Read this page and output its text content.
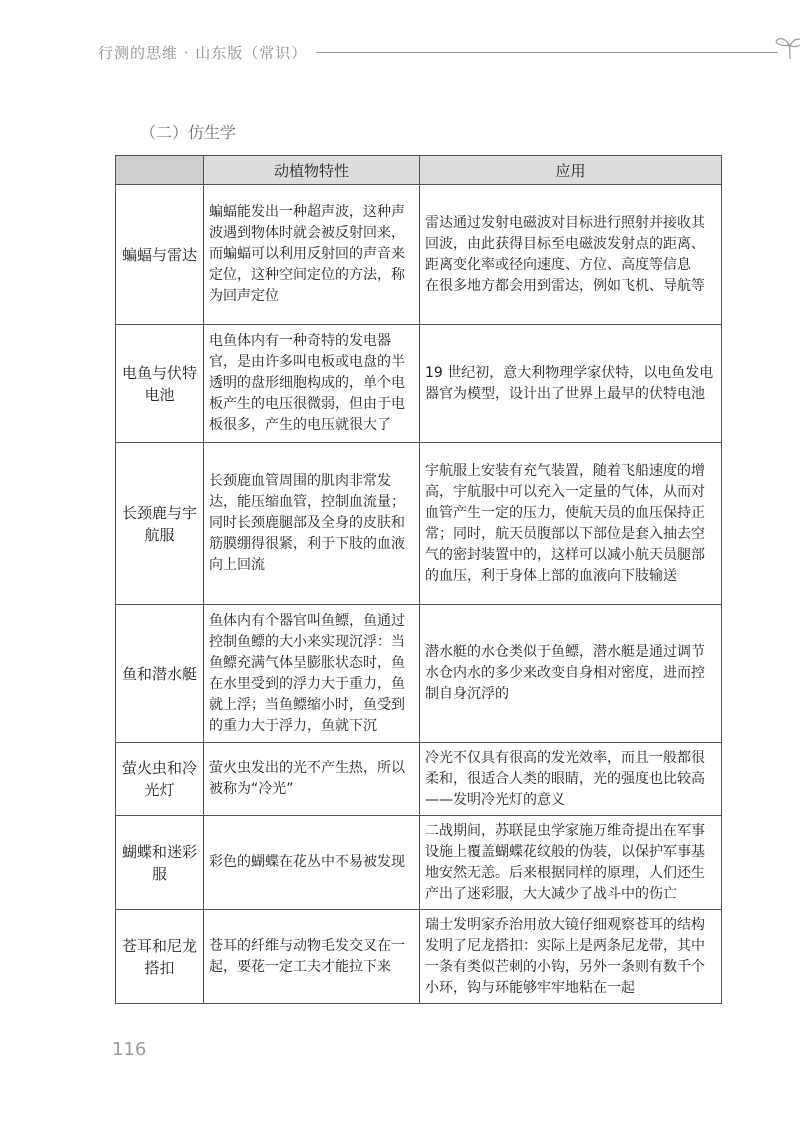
行测的思维 · 山东版（常识）
（二）仿生学
	动植物特性	应用
蝙蝠与雷达	蝙蝠能发出一种超声波，这种声波遇到物体时就会被反射回来，而蝙蝠可以利用反射回的声音来定位，这种空间定位的方法，称为回声定位	雷达通过发射电磁波对目标进行照射并接收其回波，由此获得目标至电磁波发射点的距离、距离变化率或径向速度、方位、高度等信息
在很多地方都会用到雷达，例如飞机、导航等
电鱼与伏特电池	电鱼体内有一种奇特的发电器官，是由许多叫电板或电盘的半透明的盘形细胞构成的，单个电板产生的电压很微弱，但由于电板很多，产生的电压就很大了	19 世纪初，意大利物理学家伏特，以电鱼发电器官为模型，设计出了世界上最早的伏特电池
长颈鹿与宇航服	长颈鹿血管周围的肌肉非常发达，能压缩血管，控制血流量；同时长颈鹿腿部及全身的皮肤和筋膜绷得很紧，利于下肢的血液向上回流	宇航服上安装有充气装置，随着飞船速度的增高，宇航服中可以充入一定量的气体，从而对血管产生一定的压力，使航天员的血压保持正常；同时，航天员腹部以下部位是套入抽去空气的密封装置中的，这样可以减小航天员腿部的血压，利于身体上部的血液向下肢输送
鱼和潜水艇	鱼体内有个器官叫鱼鳔，鱼通过控制鱼鳔的大小来实现沉浮：当鱼鳔充满气体呈膨胀状态时，鱼在水里受到的浮力大于重力，鱼就上浮；当鱼鳔缩小时，鱼受到的重力大于浮力，鱼就下沉	潜水艇的水仓类似于鱼鳔，潜水艇是通过调节水仓内水的多少来改变自身相对密度，进而控制自身沉浮的
萤火虫和冷光灯	萤火虫发出的光不产生热，所以被称为“冷光”	冷光不仅具有很高的发光效率，而且一般都很柔和，很适合人类的眼睛，光的强度也比较高——发明冷光灯的意义
蝴蝶和迷彩服	彩色的蝴蝶在花丛中不易被发现	二战期间，苏联昆虫学家施万维奇提出在军事设施上覆盖蝴蝶花纹般的伪装，以保护军事基地安然无恙。后来根据同样的原理，人们还生产出了迷彩服，大大减少了战斗中的伤亡
苍耳和尼龙搭扣	苍耳的纤维与动物毛发交叉在一起，要花一定工夫才能拉下来	瑞士发明家乔治用放大镜仔细观察苍耳的结构发明了尼龙搭扣：实际上是两条尼龙带，其中一条有类似芒刺的小钩，另外一条则有数千个小环，钩与环能够牢牢地粘在一起
116
